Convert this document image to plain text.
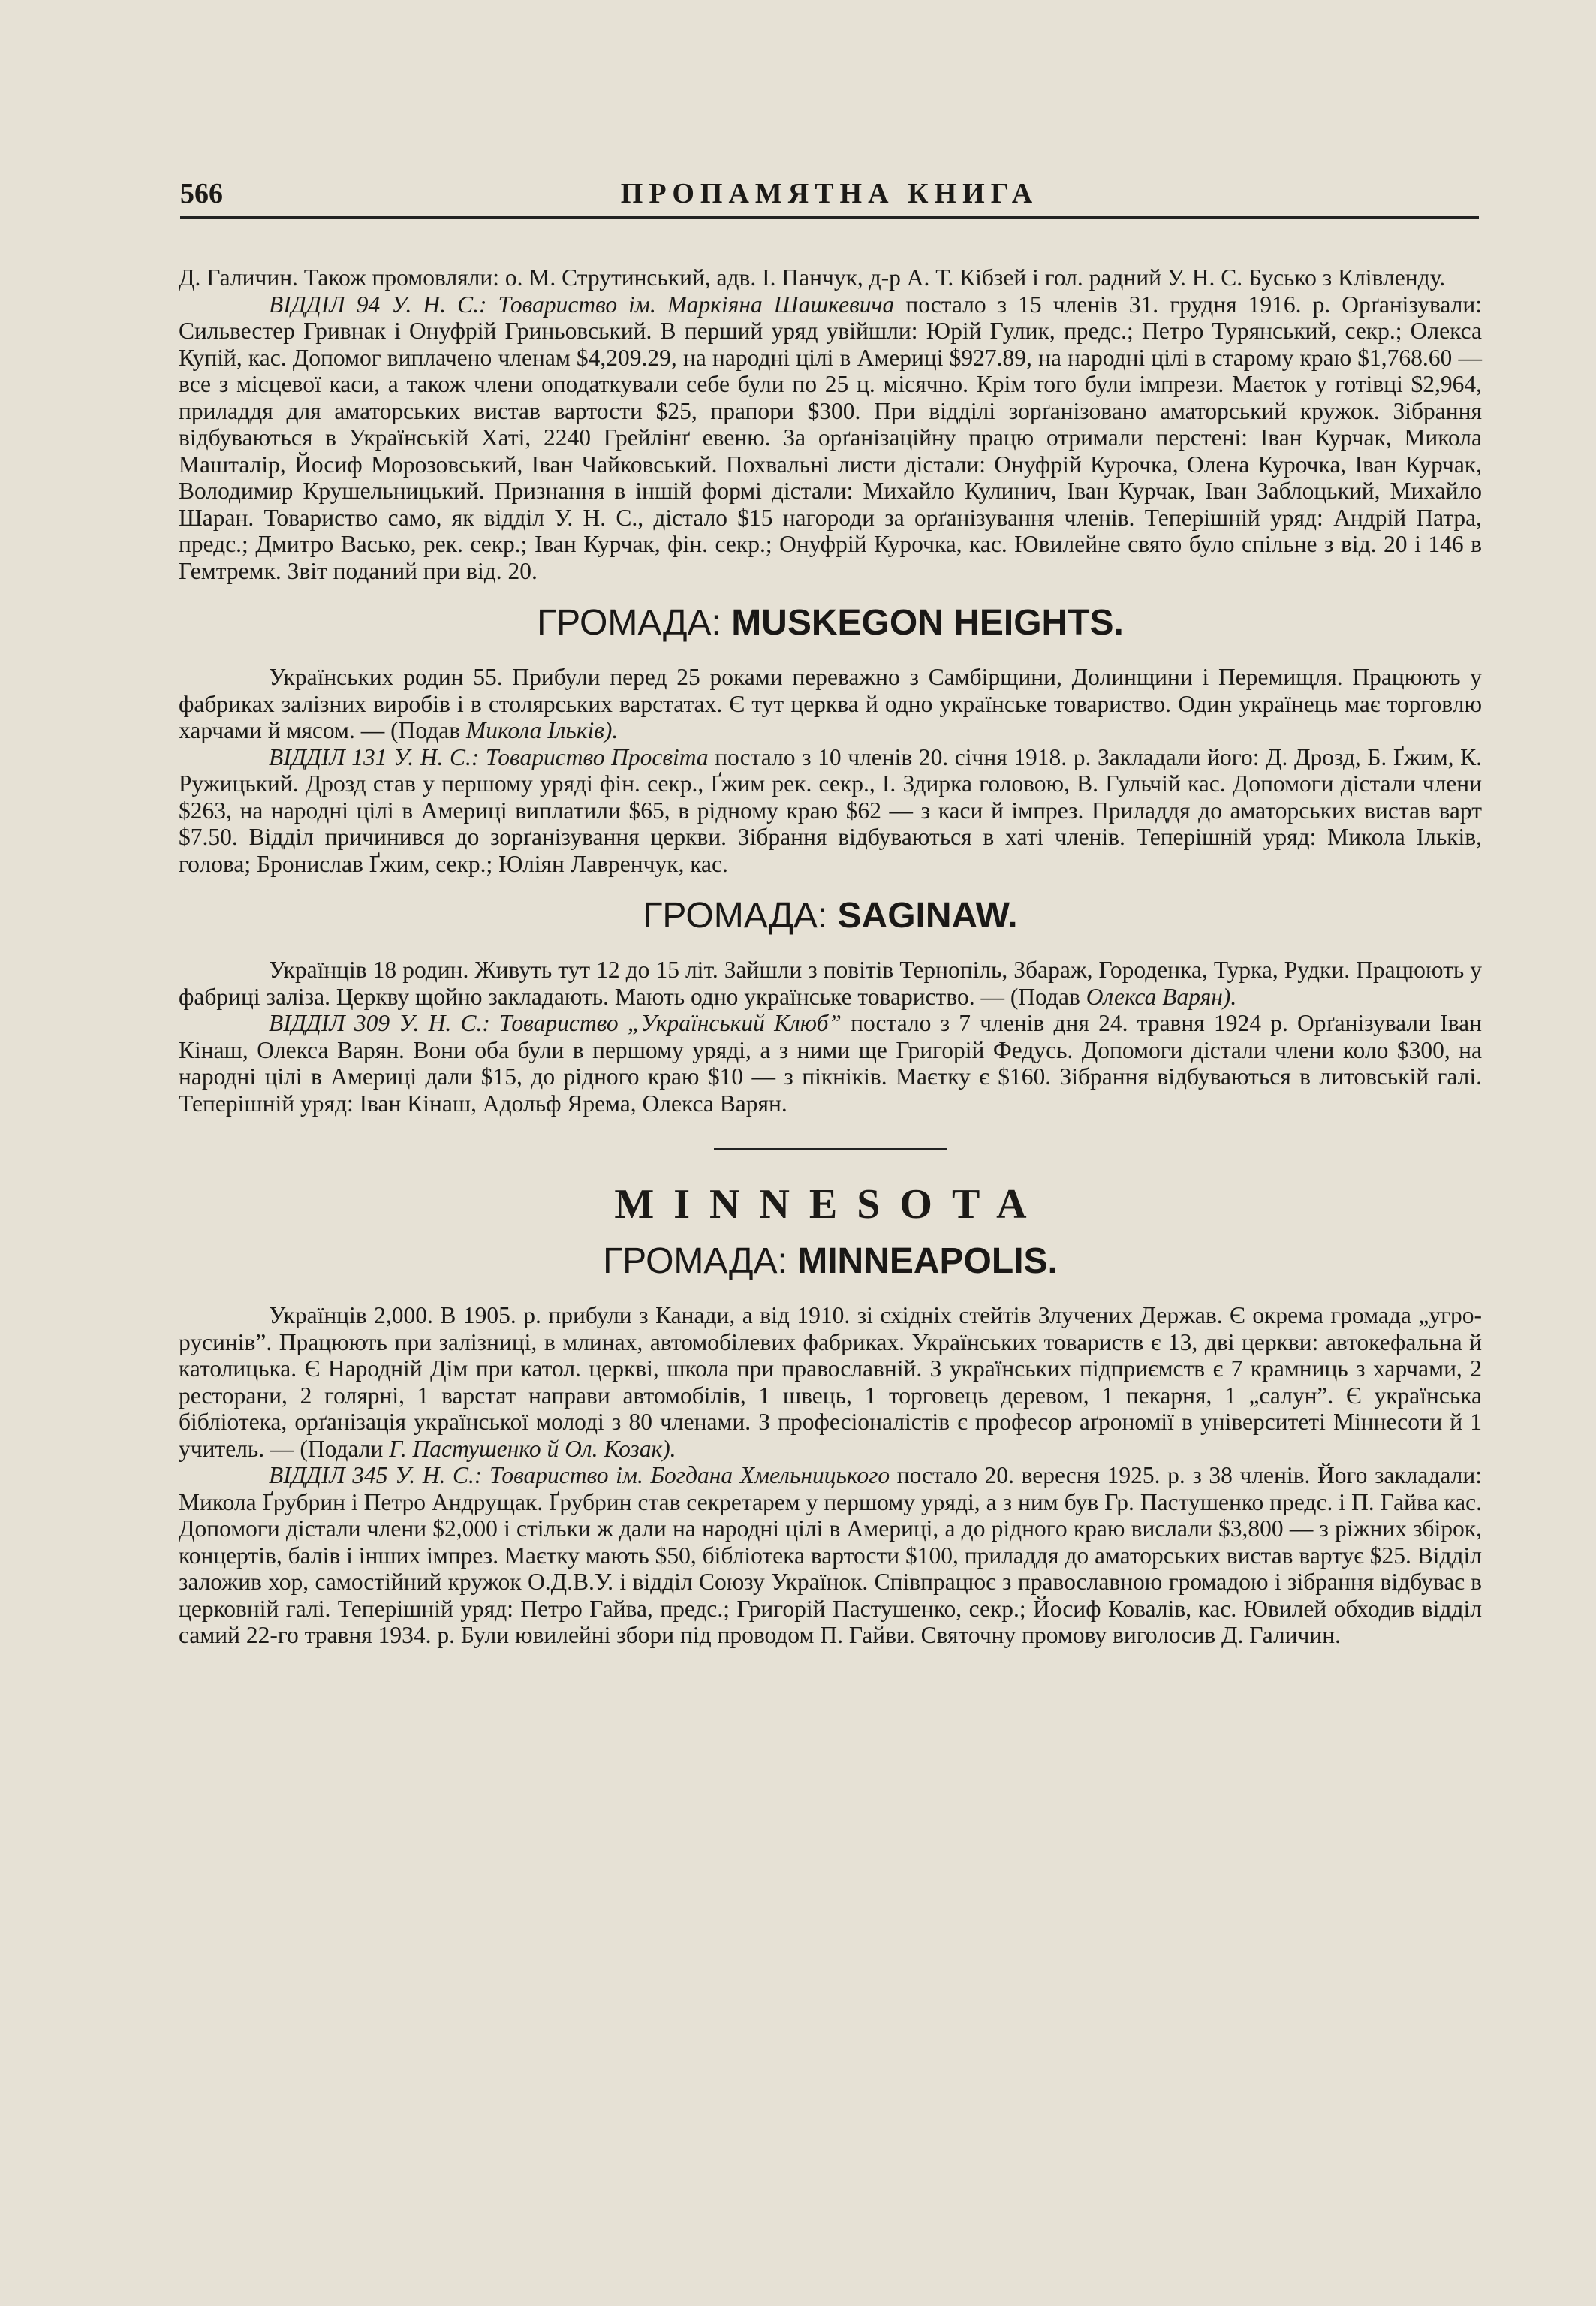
566	ПРОПАМЯТНА КНИГА

Д. Галичин. Також промовляли: о. М. Струтинський, адв. І. Панчук, д-р А. Т. Кібзей і гол. радний У. Н. С. Бусько з Клівленду.

ВІДДІЛ 94 У. Н. С.: Товариство ім. Маркіяна Шашкевича постало з 15 членів 31. грудня 1916. р. Орґанізували: Сильвестер Гривнак і Онуфрій Гриньовський. В перший уряд увійшли: Юрій Гулик, предс.; Петро Турянський, секр.; Олекса Купій, кас. Допомог виплачено членам $4,209.29, на народні цілі в Америці $927.89, на народні цілі в старому краю $1,768.60 — все з місцевої каси, а також члени оподаткували себе були по 25 ц. місячно. Крім того були імпрези. Маєток у готівці $2,964, приладдя для аматорських вистав вартости $25, прапори $300. При відділі зорґанізовано аматорський кружок. Зібрання відбуваються в Українській Хаті, 2240 Грейлінґ евеню. За орґанізаційну працю отримали перстені: Іван Курчак, Микола Машталір, Йосиф Морозовський, Іван Чайковський. Похвальні листи дістали: Онуфрій Курочка, Олена Курочка, Іван Курчак, Володимир Крушельницький. Признання в іншій формі дістали: Михайло Кулинич, Іван Курчак, Іван Заблоцький, Михайло Шаран. Товариство само, як відділ У. Н. С., дістало $15 нагороди за орґанізування членів. Теперішній уряд: Андрій Патра, предс.; Дмитро Васько, рек. секр.; Іван Курчак, фін. секр.; Онуфрій Курочка, кас. Ювилейне свято було спільне з від. 20 і 146 в Гемтремк. Звіт поданий при від. 20.

ГРОМАДА: MUSKEGON HEIGHTS.

Українських родин 55. Прибули перед 25 роками переважно з Самбірщини, Долинщини і Перемищля. Працюють у фабриках залізних виробів і в столярських варстатах. Є тут церква й одно українське товариство. Один українець має торговлю харчами й мясом. — (Подав Микола Ільків).

ВІДДІЛ 131 У. Н. С.: Товариство Просвіта постало з 10 членів 20. січня 1918. р. Закладали його: Д. Дрозд, Б. Ґжим, К. Ружицький. Дрозд став у першому уряді фін. секр., Ґжим рек. секр., І. Здирка головою, В. Гульчій кас. Допомоги дістали члени $263, на народні цілі в Америці виплатили $65, в рідному краю $62 — з каси й імпрез. Приладдя до аматорських вистав варт $7.50. Відділ причинився до зорґанізування церкви. Зібрання відбуваються в хаті членів. Теперішній уряд: Микола Ільків, голова; Бронислав Ґжим, секр.; Юліян Лавренчук, кас.

ГРОМАДА: SAGINAW.

Українців 18 родин. Живуть тут 12 до 15 літ. Зайшли з повітів Тернопіль, Збараж, Городенка, Турка, Рудки. Працюють у фабриці заліза. Церкву щойно закладають. Мають одно українське товариство. — (Подав Олекса Варян).

ВІДДІЛ 309 У. Н. С.: Товариство „Український Клюб” постало з 7 членів дня 24. травня 1924 р. Орґанізували Іван Кінаш, Олекса Варян. Вони оба були в першому уряді, а з ними ще Григорій Федусь. Допомоги дістали члени коло $300, на народні цілі в Америці дали $15, до рідного краю $10 — з пікніків. Маєтку є $160. Зібрання відбуваються в литовській галі. Теперішній уряд: Іван Кінаш, Адольф Ярема, Олекса Варян.

MINNESOTA
ГРОМАДА: MINNEAPOLIS.

Українців 2,000. В 1905. р. прибули з Канади, а від 1910. зі східніх стейтів Злучених Держав. Є окрема громада „угро-русинів”. Працюють при залізниці, в млинах, автомобілевих фабриках. Українських товариств є 13, дві церкви: автокефальна й католицька. Є Народній Дім при катол. церкві, школа при православній. З українських підприємств є 7 крамниць з харчами, 2 ресторани, 2 голярні, 1 варстат направи автомобілів, 1 швець, 1 торговець деревом, 1 пекарня, 1 „салун”. Є українська бібліотека, орґанізація української молоді з 80 членами. З професіоналістів є професор аґрономії в університеті Міннесоти й 1 учитель. — (Подали Г. Пастушенко й Ол. Козак).

ВІДДІЛ 345 У. Н. С.: Товариство ім. Богдана Хмельницького постало 20. вересня 1925. р. з 38 членів. Його закладали: Микола Ґрубрин і Петро Андрущак. Ґрубрин став секретарем у першому уряді, а з ним був Гр. Пастушенко предс. і П. Гайва кас. Допомоги дістали члени $2,000 і стільки ж дали на народні цілі в Америці, а до рідного краю вислали $3,800 — з ріжних збірок, концертів, балів і інших імпрез. Маєтку мають $50, бібліотека вартости $100, приладдя до аматорських вистав вартує $25. Відділ заложив хор, самостійний кружок О.Д.В.У. і відділ Союзу Українок. Співпрацює з православною громадою і зібрання відбуває в церковній галі. Теперішній уряд: Петро Гайва, предс.; Григорій Пастушенко, секр.; Йосиф Ковалів, кас. Ювилей обходив відділ самий 22-го травня 1934. р. Були ювилейні збори під проводом П. Гайви. Святочну промову виголосив Д. Галичин.
